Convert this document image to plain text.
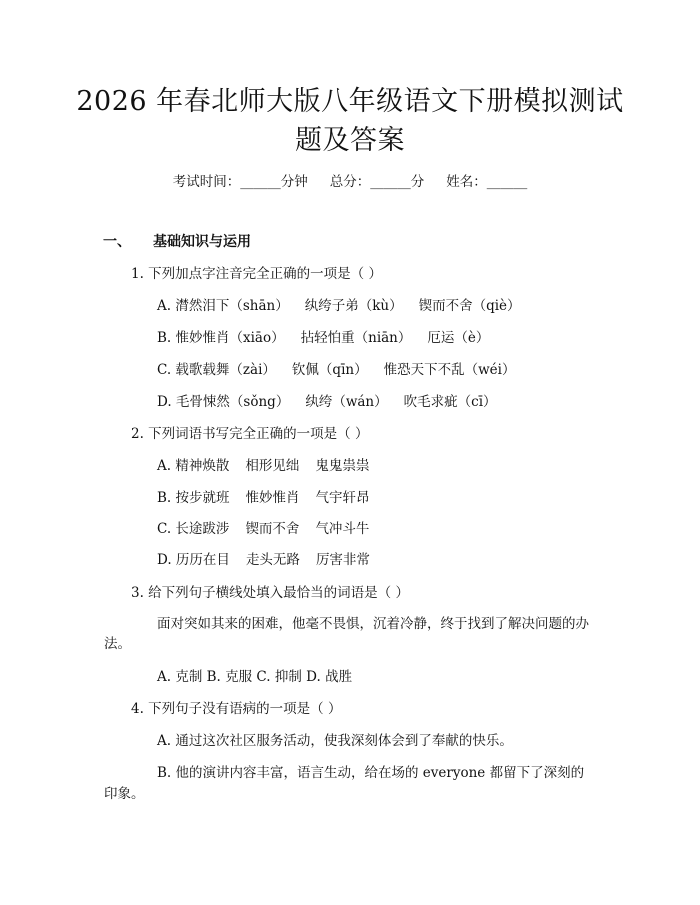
2026 年春北师大版八年级语文下册模拟测试
题及答案
考试时间：______分钟 总分：______分 姓名：______
一、 基础知识与运用
1. 下列加点字注音完全正确的一项是（ ）
A. 潸然泪下（shān） 纨绔子弟（kù） 锲而不舍（qiè）
B. 惟妙惟肖（xiāo） 拈轻怕重（niān） 厄运（è）
C. 载歌载舞（zài） 钦佩（qīn） 惟恐天下不乱（wéi）
D. 毛骨悚然（sǒng） 纨绔（wán） 吹毛求疵（cī）
2. 下列词语书写完全正确的一项是（ ）
A. 精神焕散 相形见绌 鬼鬼祟祟
B. 按步就班 惟妙惟肖 气宇轩昂
C. 长途跋涉 锲而不舍 气冲斗牛
D. 历历在目 走头无路 厉害非常
3. 给下列句子横线处填入最恰当的词语是（ ）
面对突如其来的困难，他毫不畏惧，沉着冷静，终于找到了解决问题的办
法。
A. 克制 B. 克服 C. 抑制 D. 战胜
4. 下列句子没有语病的一项是（ ）
A. 通过这次社区服务活动，使我深刻体会到了奉献的快乐。
B. 他的演讲内容丰富，语言生动，给在场的 everyone 都留下了深刻的
印象。
